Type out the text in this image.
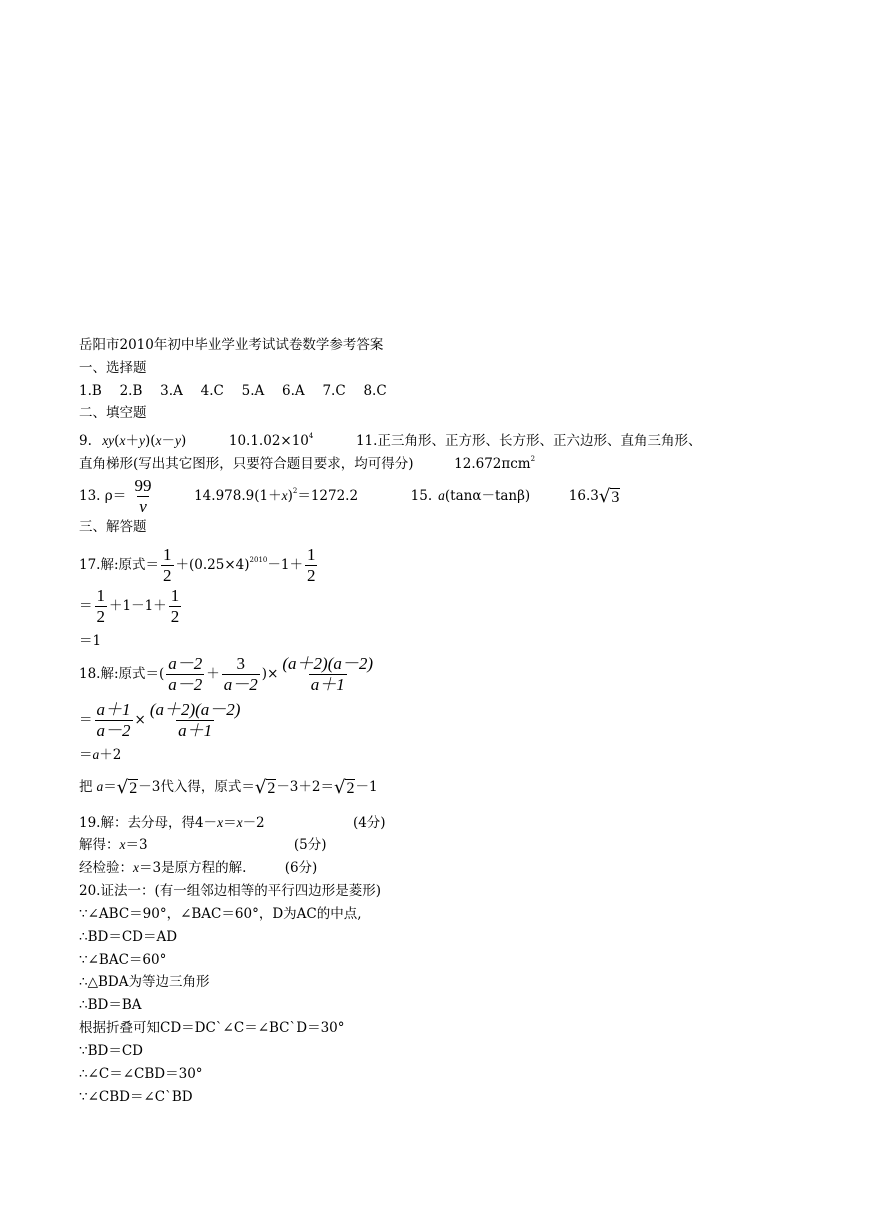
岳阳市2010年初中毕业学业考试试卷数学参考答案
一、选择题
1.B　 2.B　 3.A　 4.C　 5.A　 6.A　 7.C　 8.C
二、填空题
9. xy(x＋y)(x－y)	$10.1.02\times 10^4$	11.正三角形、正方形、长方形、正六边形、直角三角形、
直角梯形(写出其它图形，只要符合题目要求，均可得分)	12.672πcm$^2$
13. $\rho= \frac{99}{v}$	$14.978.9(1+x)^2=1272.2$	15. a(tanα－tanβ)	16.3 √ 3
三、解答题
17.解:原式＝ $\frac{1}{2} +(0.25\times 4)^{2010}-1+ \frac{1}{2}$
＝ $\frac{1}{2} +1-1+ \frac{1}{2}$
＝1
18.解:原式＝( $\frac{a-2}{a-2} + \frac{3}{a-2}$ )× $\frac{(a+2)(a-2)}{a+1}$
＝ $\frac{a+1}{a-2} \times \frac{(a+2)(a-2)}{a+1}$
＝a＋2
把 a＝ √ 2 －3代入得，原式＝ √ 2 －3＋2＝ √ 2 －1
19.解：去分母，得4－x＝x－2	(4分)
解得：x＝3	(5分)
经检验：x＝3是原方程的解.	(6分)
20.证法一：(有一组邻边相等的平行四边形是菱形)
∵∠ABC＝90°，∠BAC＝60°，D为AC的中点,
∴BD＝CD＝AD
∵∠BAC＝60°
∴△BDA为等边三角形
∴BD＝BA
根据折叠可知CD＝DC`∠C＝∠BC`D＝30°
∵BD＝CD
∴∠C＝∠CBD＝30°
∵∠CBD＝∠C`BD
